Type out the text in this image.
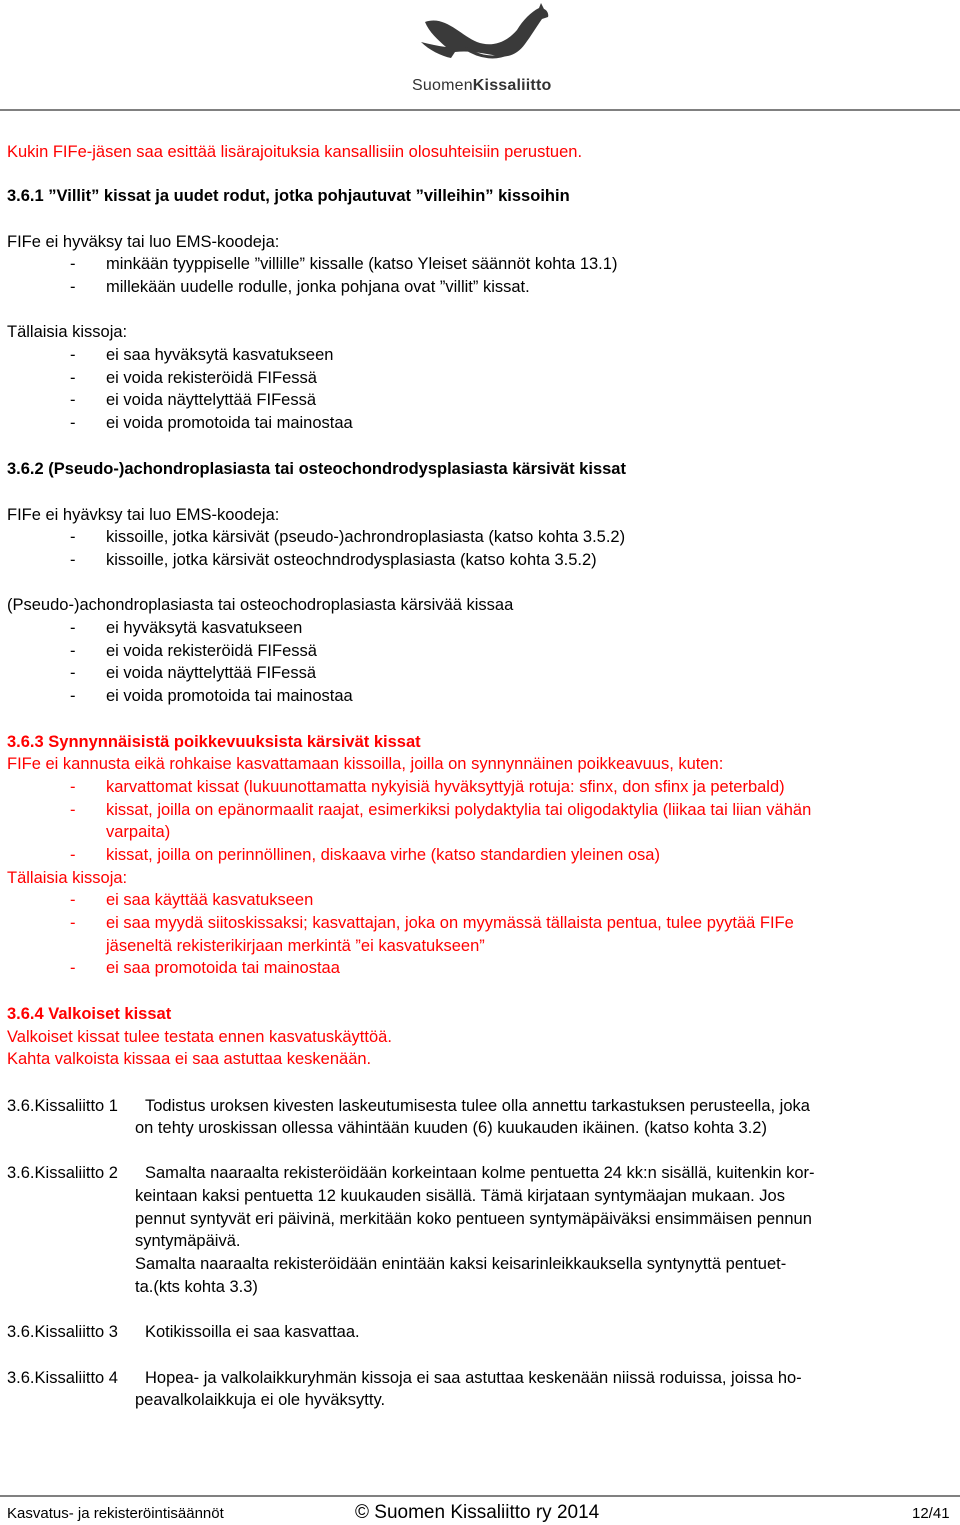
SuomenKissaliitto
Kukin FIFe-jäsen saa esittää lisärajoituksia kansallisiin olosuhteisiin perustuen.
3.6.1 ”Villit” kissat ja uudet rodut, jotka pohjautuvat ”villeihin” kissoihin
FIFe ei hyväksy tai luo EMS-koodeja:
- minkään tyyppiselle ”villille” kissalle (katso Yleiset säännöt kohta 13.1)
- millekään uudelle rodulle, jonka pohjana ovat ”villit” kissat.
Tällaisia kissoja:
- ei saa hyväksytä kasvatukseen
- ei voida rekisteröidä FIFessä
- ei voida näyttelyttää FIFessä
- ei voida promotoida tai mainostaa
3.6.2 (Pseudo-)achondroplasiasta tai osteochondrodysplasiasta kärsivät kissat
FIFe ei hyävksy tai luo EMS-koodeja:
- kissoille, jotka kärsivät (pseudo-)achrondroplasiasta (katso kohta 3.5.2)
- kissoille, jotka kärsivät osteochndrodysplasiasta (katso kohta 3.5.2)
(Pseudo-)achondroplasiasta tai osteochodroplasiasta kärsivää kissaa
- ei hyväksytä kasvatukseen
- ei voida rekisteröidä FIFessä
- ei voida näyttelyttää FIFessä
- ei voida promotoida tai mainostaa
3.6.3 Synnynnäisistä poikkevuuksista kärsivät kissat
FIFe ei kannusta eikä rohkaise kasvattamaan kissoilla, joilla on synnynnäinen poikkeavuus, kuten:
- karvattomat kissat (lukuunottamatta nykyisiä hyväksyttyjä rotuja: sfinx, don sfinx ja peterbald)
- kissat, joilla on epänormaalit raajat, esimerkiksi polydaktylia tai oligodaktylia (liikaa tai liian vähän
varpaita)
- kissat, joilla on perinnöllinen, diskaava virhe (katso standardien yleinen osa)
Tällaisia kissoja:
- ei saa käyttää kasvatukseen
- ei saa myydä siitoskissaksi; kasvattajan, joka on myymässä tällaista pentua, tulee pyytää FIFe
jäseneltä rekisterikirjaan merkintä ”ei kasvatukseen”
- ei saa promotoida tai mainostaa
3.6.4 Valkoiset kissat
Valkoiset kissat tulee testata ennen kasvatuskäyttöä.
Kahta valkoista kissaa ei saa astuttaa keskenään.
3.6.Kissaliitto 1 Todistus uroksen kivesten laskeutumisesta tulee olla annettu tarkastuksen perusteella, joka
on tehty uroskissan ollessa vähintään kuuden (6) kuukauden ikäinen. (katso kohta 3.2)
3.6.Kissaliitto 2 Samalta naaraalta rekisteröidään korkeintaan kolme pentuetta 24 kk:n sisällä, kuitenkin kor-
keintaan kaksi pentuetta 12 kuukauden sisällä. Tämä kirjataan syntymäajan mukaan. Jos
pennut syntyvät eri päivinä, merkitään koko pentueen syntymäpäiväksi ensimmäisen pennun
syntymäpäivä.
Samalta naaraalta rekisteröidään enintään kaksi keisarinleikkauksella syntynyttä pentuet-
ta.(kts kohta 3.3)
3.6.Kissaliitto 3 Kotikissoilla ei saa kasvattaa.
3.6.Kissaliitto 4 Hopea- ja valkolaikkuryhmän kissoja ei saa astuttaa keskenään niissä roduissa, joissa ho-
peavalkolaikkuja ei ole hyväksytty.
Kasvatus- ja rekisteröintisäännöt	© Suomen Kissaliitto ry 2014	12/41
